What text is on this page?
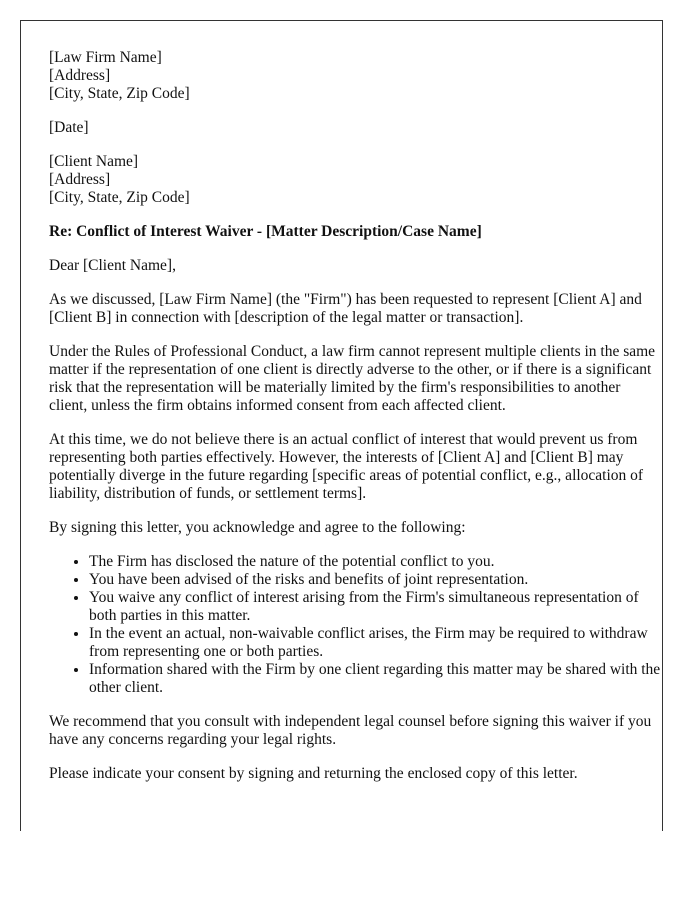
[Law Firm Name]
[Address]
[City, State, Zip Code]

[Date]

[Client Name]
[Address]
[City, State, Zip Code]

Re: Conflict of Interest Waiver - [Matter Description/Case Name]

Dear [Client Name],

As we discussed, [Law Firm Name] (the "Firm") has been requested to represent [Client A] and [Client B] in connection with [description of the legal matter or transaction].

Under the Rules of Professional Conduct, a law firm cannot represent multiple clients in the same matter if the representation of one client is directly adverse to the other, or if there is a significant risk that the representation will be materially limited by the firm's responsibilities to another client, unless the firm obtains informed consent from each affected client.

At this time, we do not believe there is an actual conflict of interest that would prevent us from representing both parties effectively. However, the interests of [Client A] and [Client B] may potentially diverge in the future regarding [specific areas of potential conflict, e.g., allocation of liability, distribution of funds, or settlement terms].

By signing this letter, you acknowledge and agree to the following:

• The Firm has disclosed the nature of the potential conflict to you.
• You have been advised of the risks and benefits of joint representation.
• You waive any conflict of interest arising from the Firm's simultaneous representation of both parties in this matter.
• In the event an actual, non-waivable conflict arises, the Firm may be required to withdraw from representing one or both parties.
• Information shared with the Firm by one client regarding this matter may be shared with the other client.

We recommend that you consult with independent legal counsel before signing this waiver if you have any concerns regarding your legal rights.

Please indicate your consent by signing and returning the enclosed copy of this letter.
